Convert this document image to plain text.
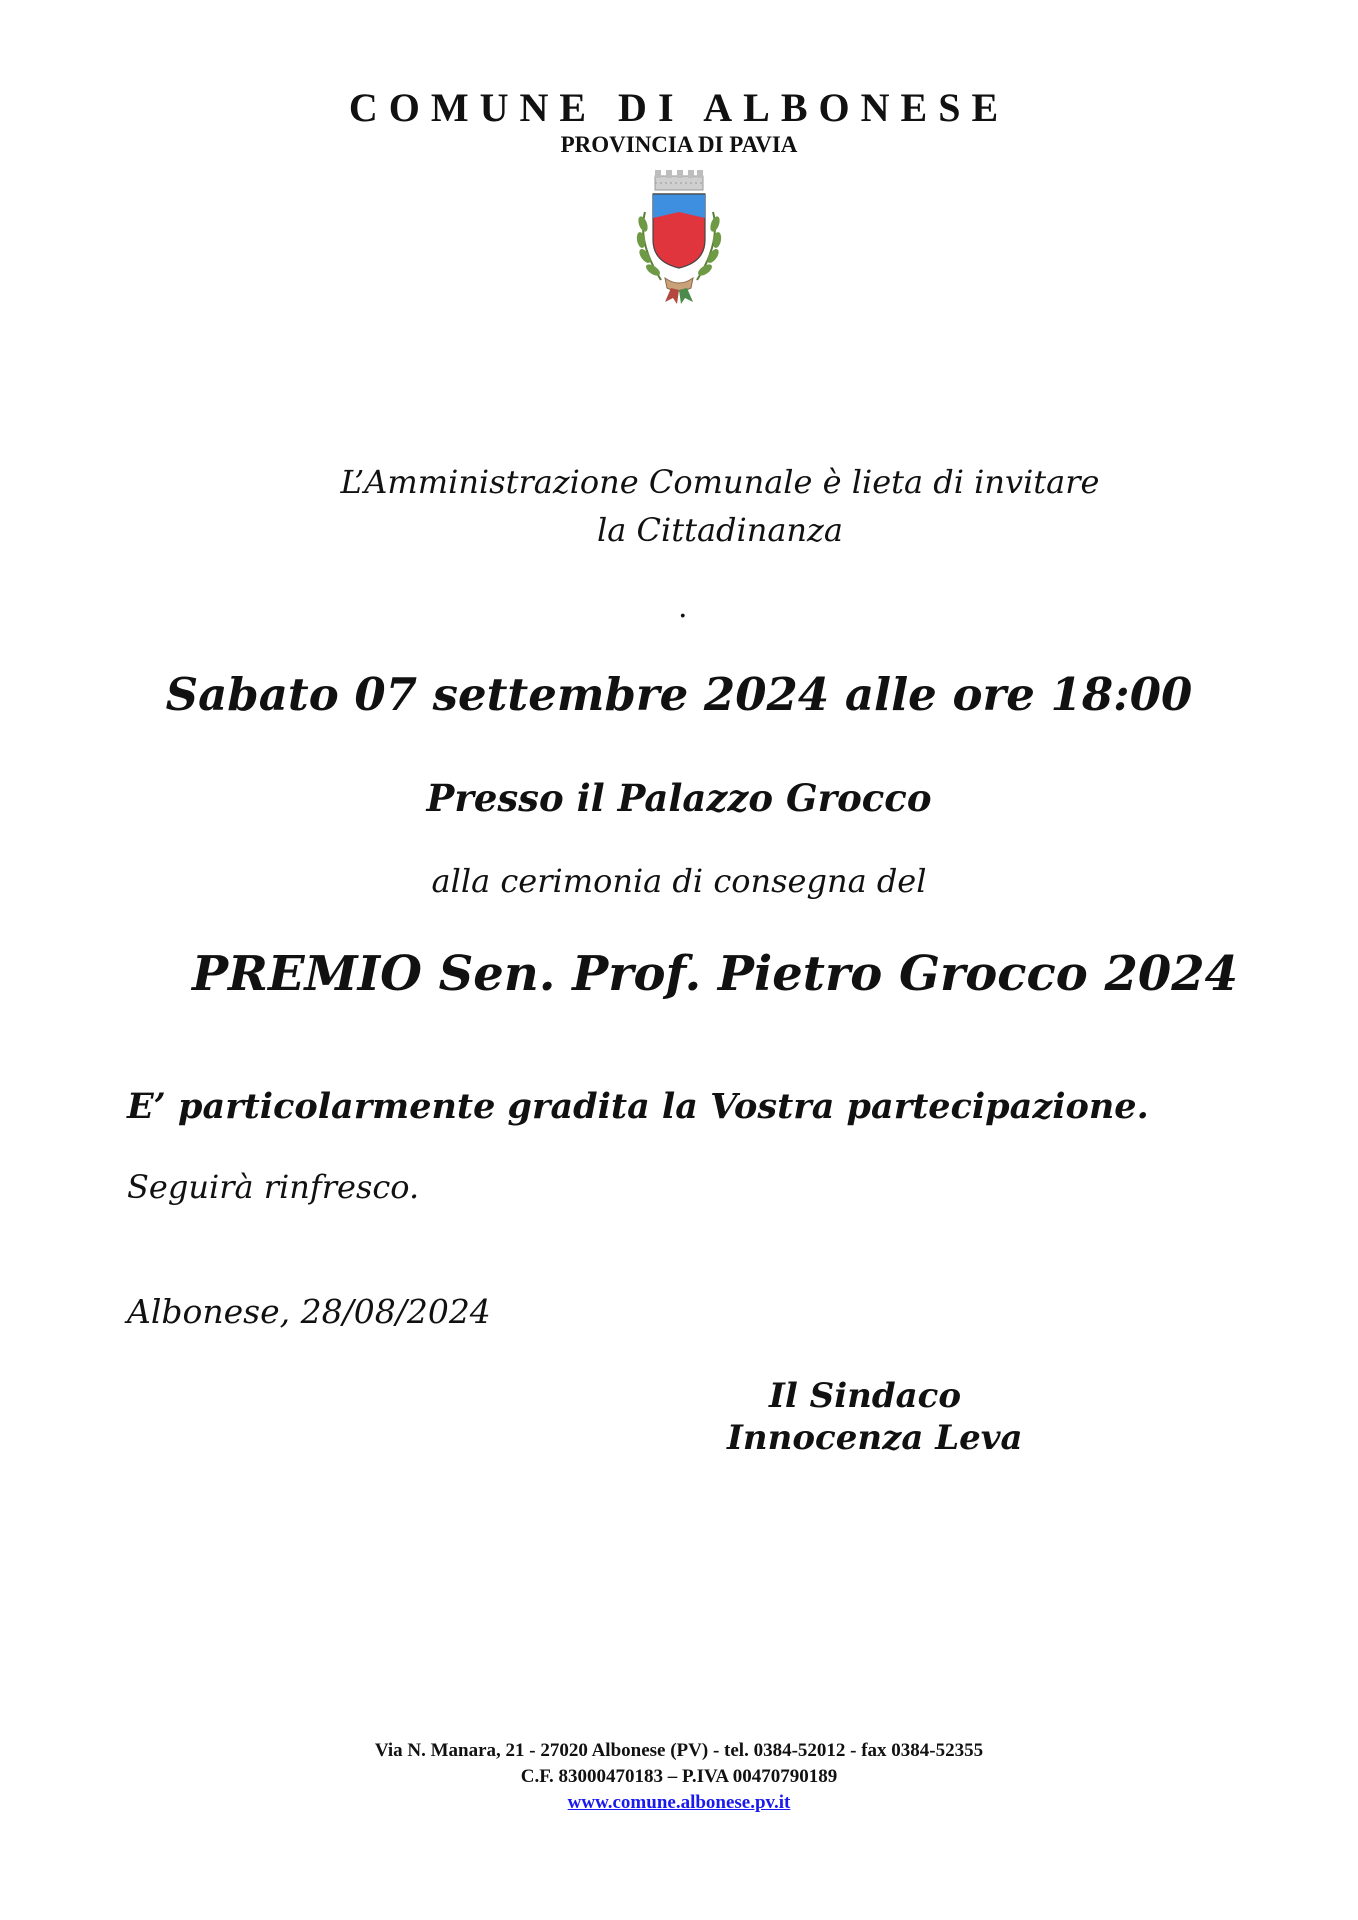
COMUNE DI ALBONESE
PROVINCIA DI PAVIA
L’Amministrazione Comunale è lieta di invitare
la Cittadinanza
.
Sabato 07 settembre 2024 alle ore 18:00
Presso il Palazzo Grocco
alla cerimonia di consegna del
PREMIO Sen. Prof. Pietro Grocco 2024
E’ particolarmente gradita la Vostra partecipazione.
Seguirà rinfresco.
Albonese, 28/08/2024
Il Sindaco
Innocenza Leva
Via N. Manara, 21 - 27020 Albonese (PV) - tel. 0384-52012 - fax 0384-52355
C.F. 83000470183 – P.IVA 00470790189
www.comune.albonese.pv.it
